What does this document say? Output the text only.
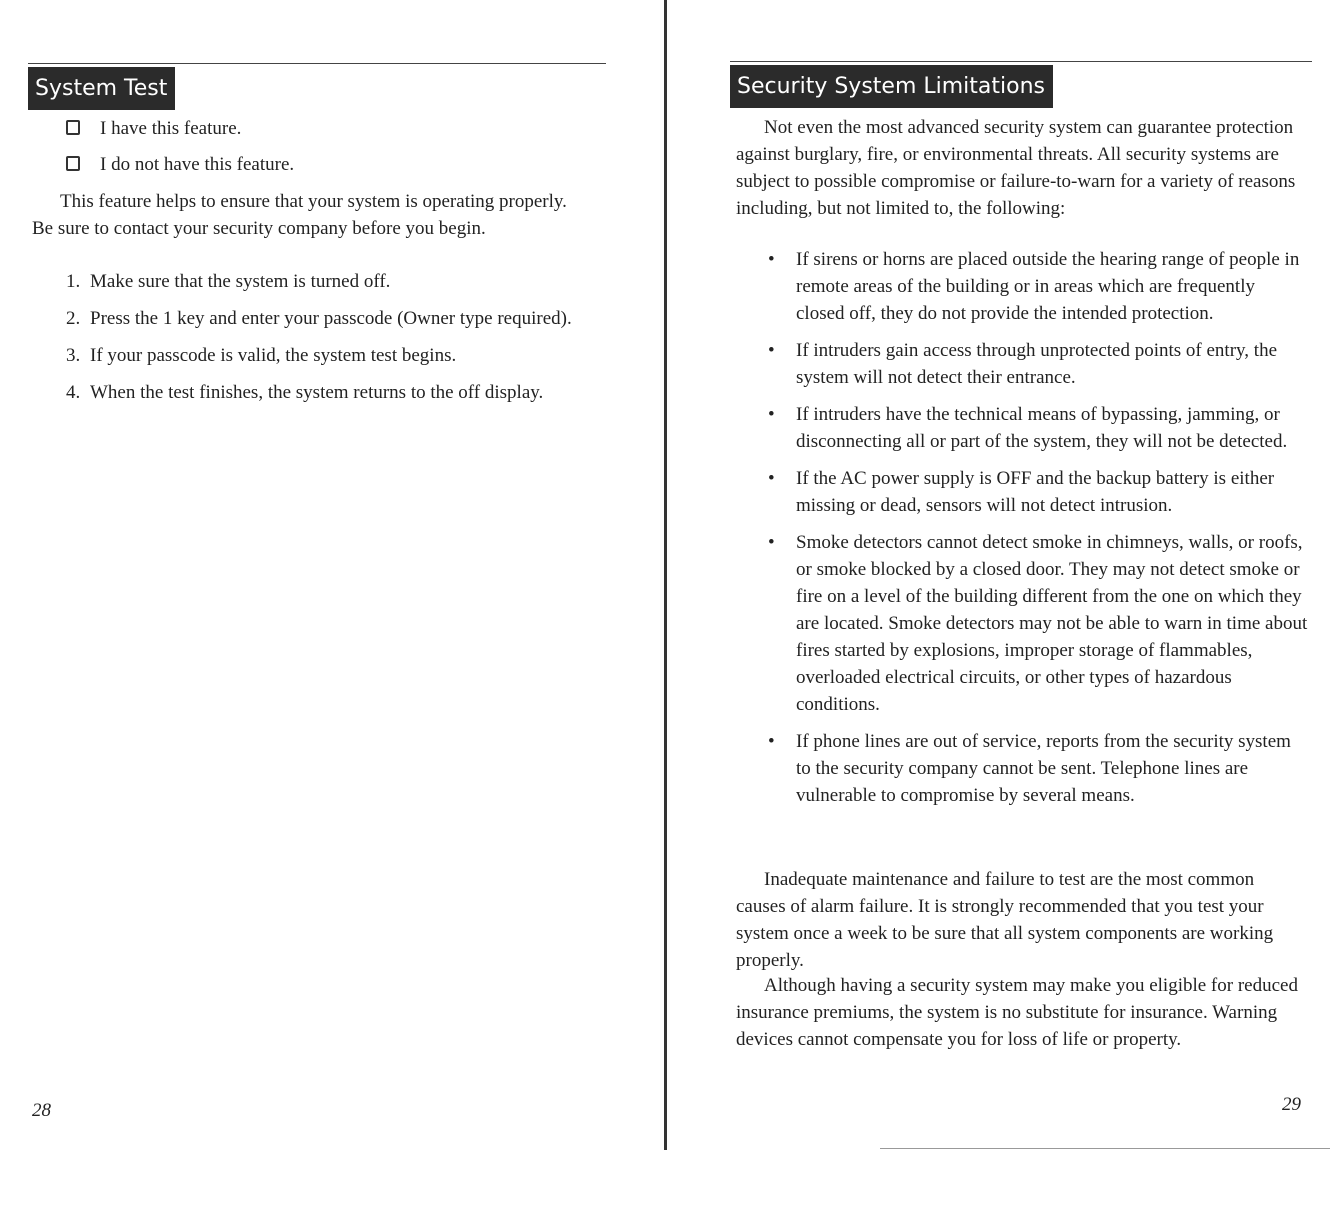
System Test
I have this feature.
I do not have this feature.

This feature helps to ensure that your system is operating properly. Be sure to contact your security company before you begin.

1. Make sure that the system is turned off.
2. Press the 1 key and enter your passcode (Owner type required).
3. If your passcode is valid, the system test begins.
4. When the test finishes, the system returns to the off display.
28
Security System Limitations

Not even the most advanced security system can guarantee protection against burglary, fire, or environmental threats. All security systems are subject to possible compromise or failure-to-warn for a variety of reasons including, but not limited to, the following:

•	If sirens or horns are placed outside the hearing range of people in remote areas of the building or in areas which are frequently closed off, they do not provide the intended protection.
•	If intruders gain access through unprotected points of entry, the system will not detect their entrance.
•	If intruders have the technical means of bypassing, jamming, or disconnecting all or part of the system, they will not be detected.
•	If the AC power supply is OFF and the backup battery is either missing or dead, sensors will not detect intrusion.
•	Smoke detectors cannot detect smoke in chimneys, walls, or roofs, or smoke blocked by a closed door. They may not detect smoke or fire on a level of the building different from the one on which they are located. Smoke detectors may not be able to warn in time about fires started by explosions, improper storage of flammables, overloaded electrical circuits, or other types of hazardous conditions.
•	If phone lines are out of service, reports from the security system to the security company cannot be sent. Telephone lines are vulnerable to compromise by several means.

Inadequate maintenance and failure to test are the most common causes of alarm failure. It is strongly recommended that you test your system once a week to be sure that all system components are working properly.

Although having a security system may make you eligible for reduced insurance premiums, the system is no substitute for insurance. Warning devices cannot compensate you for loss of life or property.

29
